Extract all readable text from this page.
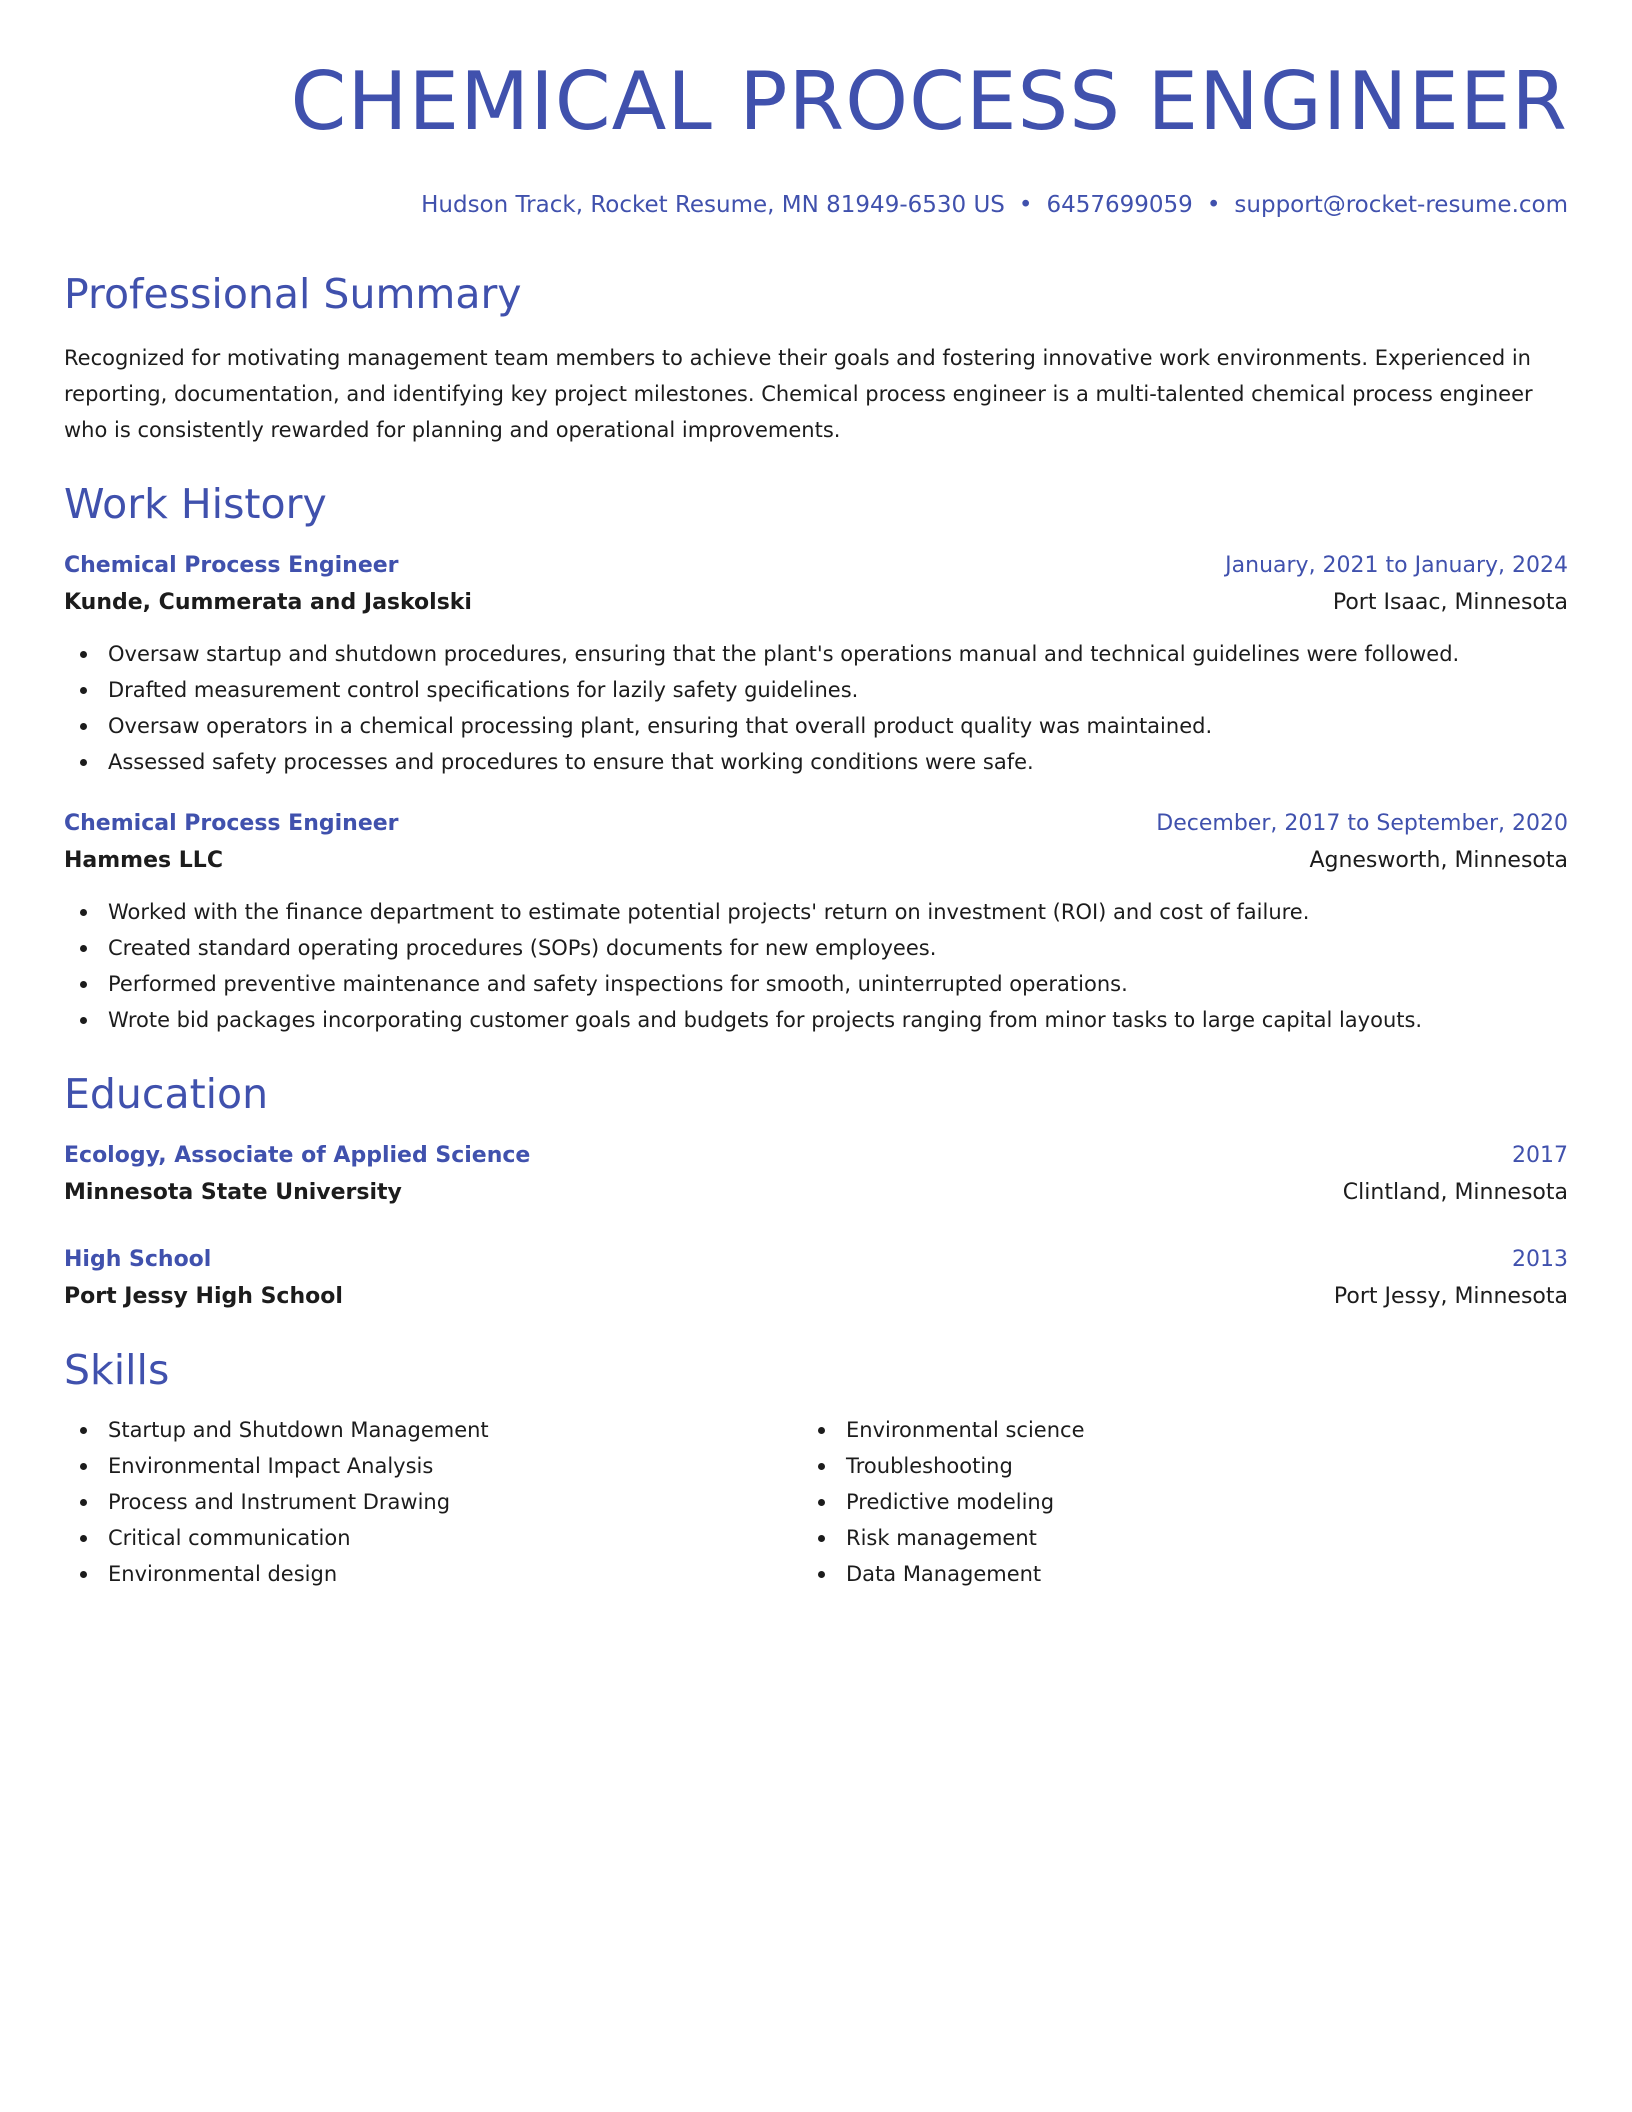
CHEMICAL PROCESS ENGINEER
Hudson Track, Rocket Resume, MN 81949-6530 US • 6457699059 • support@rocket-resume.com
Professional Summary
Recognized for motivating management team members to achieve their goals and fostering innovative work environments. Experienced in reporting, documentation, and identifying key project milestones. Chemical process engineer is a multi-talented chemical process engineer who is consistently rewarded for planning and operational improvements.
Work History
Chemical Process Engineer	January, 2021 to January, 2024
Kunde, Cummerata and Jaskolski	Port Isaac, Minnesota
Oversaw startup and shutdown procedures, ensuring that the plant's operations manual and technical guidelines were followed.
Drafted measurement control specifications for lazily safety guidelines.
Oversaw operators in a chemical processing plant, ensuring that overall product quality was maintained.
Assessed safety processes and procedures to ensure that working conditions were safe.
Chemical Process Engineer	December, 2017 to September, 2020
Hammes LLC	Agnesworth, Minnesota
Worked with the finance department to estimate potential projects' return on investment (ROI) and cost of failure.
Created standard operating procedures (SOPs) documents for new employees.
Performed preventive maintenance and safety inspections for smooth, uninterrupted operations.
Wrote bid packages incorporating customer goals and budgets for projects ranging from minor tasks to large capital layouts.
Education
Ecology, Associate of Applied Science	2017
Minnesota State University	Clintland, Minnesota
High School	2013
Port Jessy High School	Port Jessy, Minnesota
Skills
Startup and Shutdown Management
Environmental Impact Analysis
Process and Instrument Drawing
Critical communication
Environmental design
Environmental science
Troubleshooting
Predictive modeling
Risk management
Data Management
